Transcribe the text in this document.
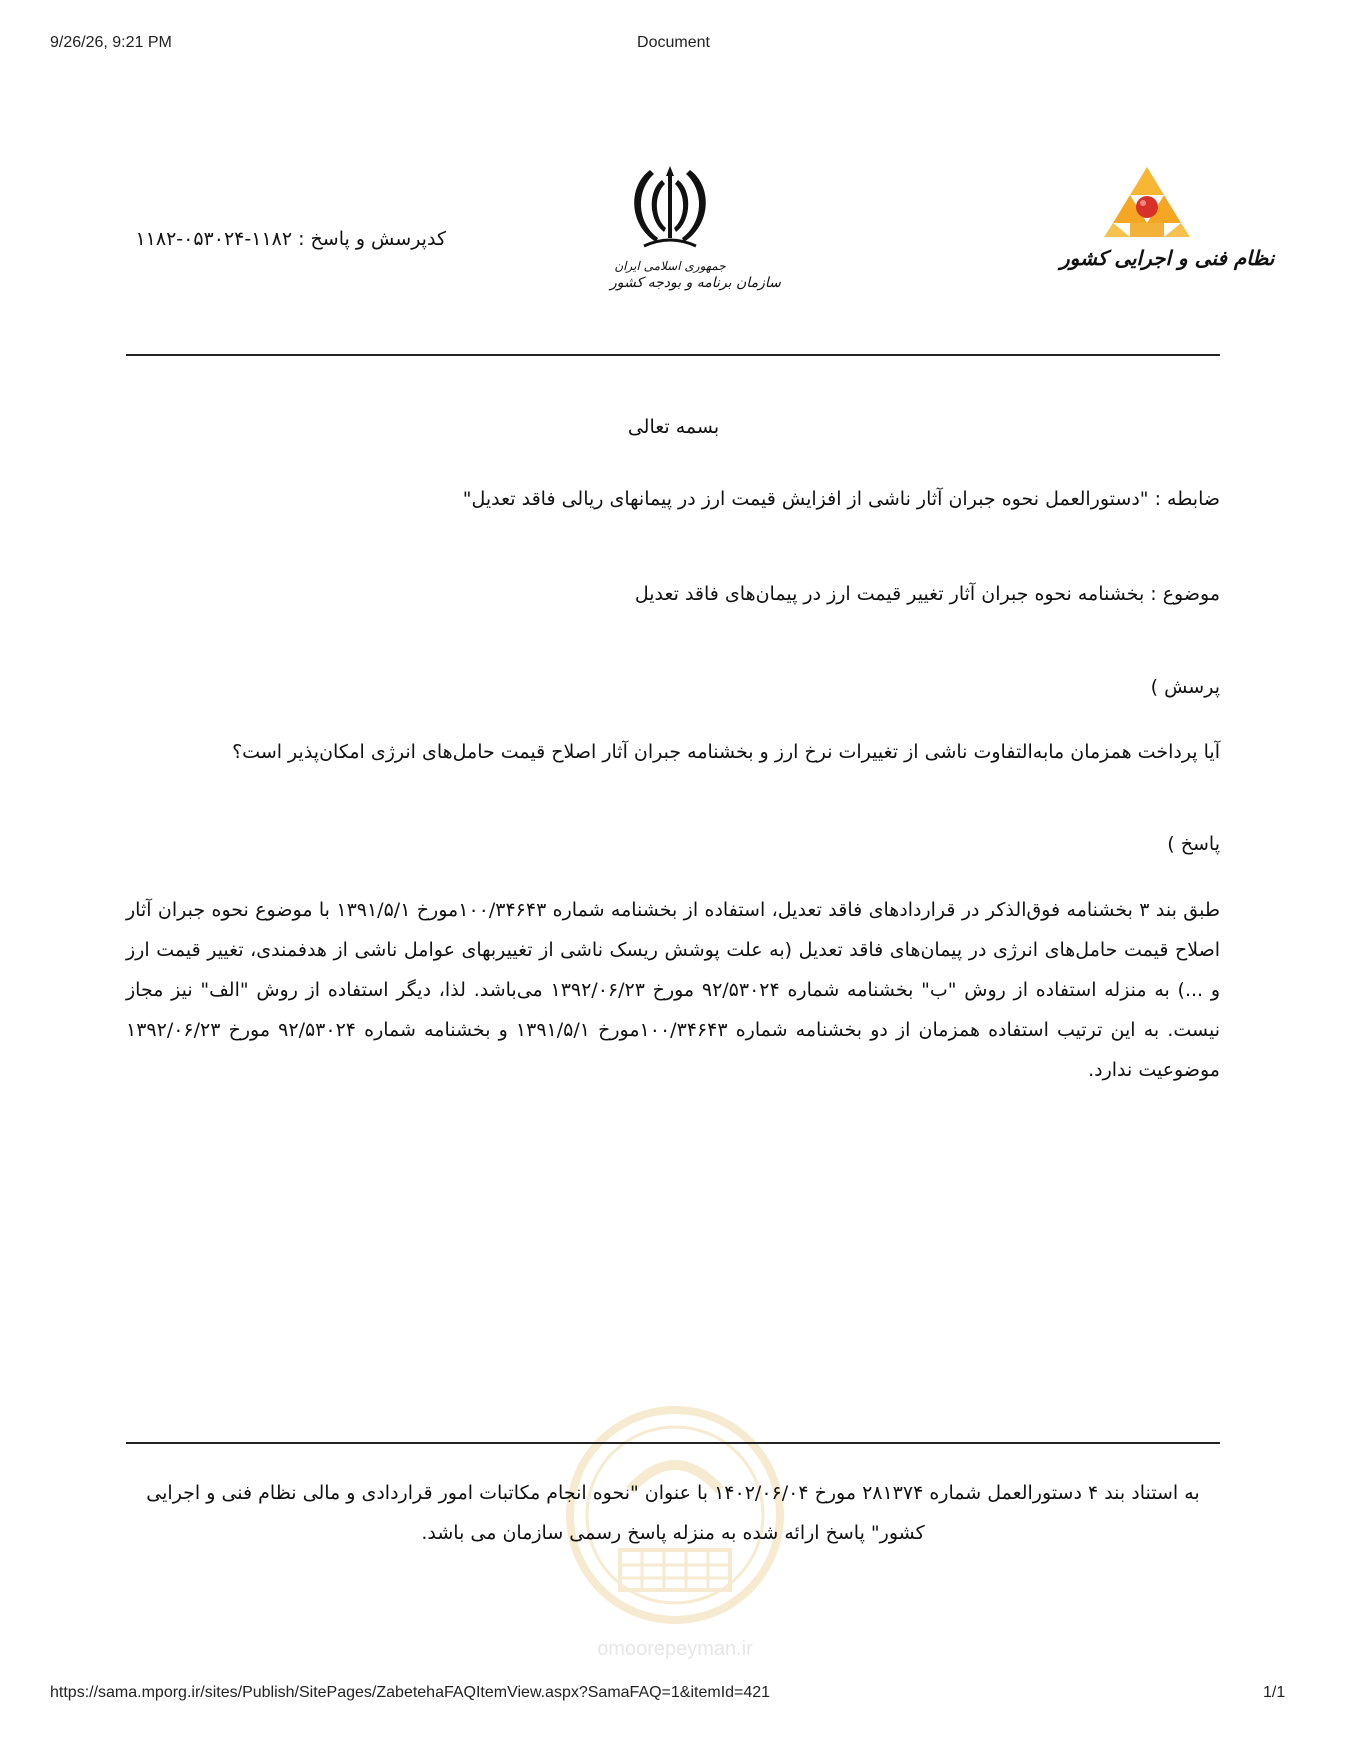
9/26/26, 9:21 PM	Document
کدپرسش و پاسخ : ۱۱۸۲-۰۵۳۰۲۴-۱۱۸۲
جمهوری اسلامی ایران
سازمان برنامه و بودجه کشور
نظام فنی و اجرایی کشور
بسمه تعالی
ضابطه : "دستورالعمل نحوه جبران آثار ناشی از افزایش قیمت ارز در پیمانهای ریالی فاقد تعدیل"
موضوع : بخشنامه نحوه جبران آثار تغییر قیمت ارز در پیمان‌های فاقد تعدیل
پرسش )
آیا پرداخت همزمان مابه‌التفاوت ناشی از تغییرات نرخ ارز و بخشنامه جبران آثار اصلاح قیمت حامل‌های انرژی امکان‌پذیر است؟
پاسخ )
طبق بند ۳ بخشنامه فوق‌الذکر در قراردادهای فاقد تعدیل، استفاده از بخشنامه شماره ۱۰۰/۳۴۶۴۳مورخ ۱۳۹۱/۵/۱ با موضوع نحوه جبران آثار اصلاح قیمت حامل‌های انرژی در پیمان‌های فاقد تعدیل (به علت پوشش ریسک ناشی از تغییربهای عوامل ناشی از هدفمندی، تغییر قیمت ارز و ...) به منزله استفاده از روش "ب" بخشنامه شماره ۹۲/۵۳۰۲۴ مورخ ۱۳۹۲/۰۶/۲۳ می‌باشد. لذا، دیگر استفاده از روش "الف" نیز مجاز نیست. به این ترتیب استفاده همزمان از دو بخشنامه شماره ۱۰۰/۳۴۶۴۳مورخ ۱۳۹۱/۵/۱ و بخشنامه شماره ۹۲/۵۳۰۲۴ مورخ ۱۳۹۲/۰۶/۲۳ موضوعیت ندارد.
omoorepeyman.ir
به استناد بند ۴ دستورالعمل شماره ۲۸۱۳۷۴ مورخ ۱۴۰۲/۰۶/۰۴ با عنوان "نحوه انجام مکاتبات امور قراردادی و مالی نظام فنی و اجرایی کشور" پاسخ ارائه شده به منزله پاسخ رسمی سازمان می باشد.
https://sama.mporg.ir/sites/Publish/SitePages/ZabetehaFAQItemView.aspx?SamaFAQ=1&itemId=421	1/1
